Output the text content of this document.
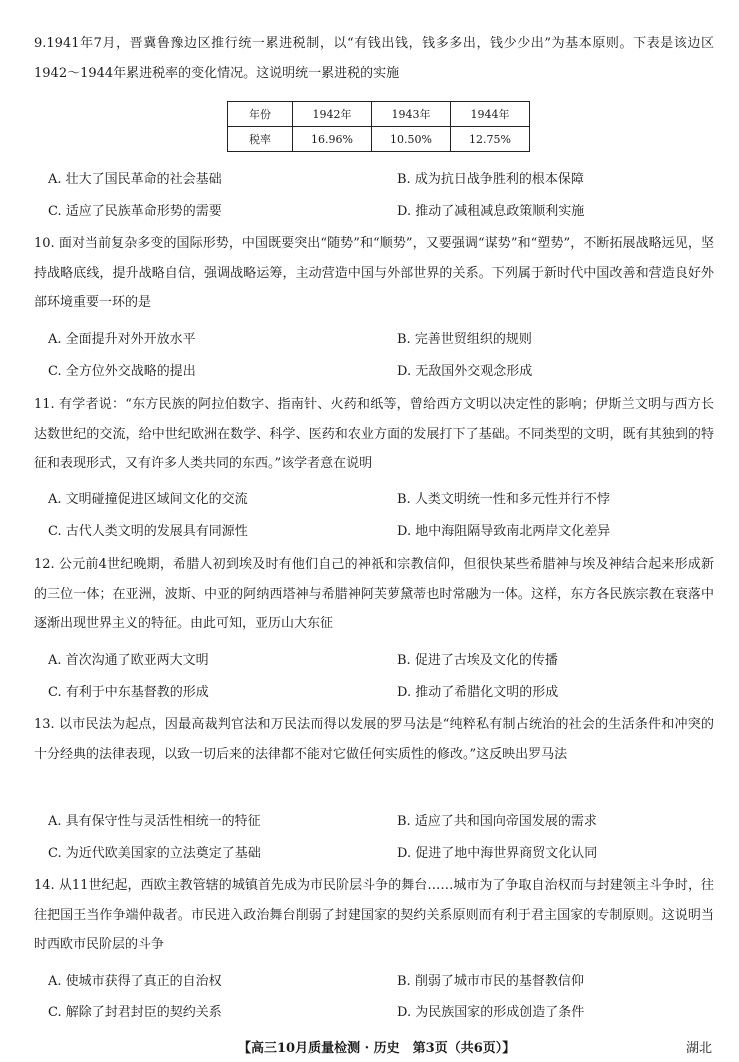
9.1941年7月，晋冀鲁豫边区推行统一累进税制，以“有钱出钱，钱多多出，钱少少出”为基本原则。下表是该边区1942～1944年累进税率的变化情况。这说明统一累进税的实施
年份	1942年	1943年	1944年
税率	16.96%	10.50%	12.75%
A. 壮大了国民革命的社会基础	B. 成为抗日战争胜利的根本保障
C. 适应了民族革命形势的需要	D. 推动了减租减息政策顺利实施
10. 面对当前复杂多变的国际形势，中国既要突出“随势”和“顺势”，又要强调“谋势”和“塑势”，不断拓展战略远见，坚持战略底线，提升战略自信，强调战略运筹，主动营造中国与外部世界的关系。下列属于新时代中国改善和营造良好外部环境重要一环的是
A. 全面提升对外开放水平	B. 完善世贸组织的规则
C. 全方位外交战略的提出	D. 无敌国外交观念形成
11. 有学者说：“东方民族的阿拉伯数字、指南针、火药和纸等，曾给西方文明以决定性的影响；伊斯兰文明与西方长达数世纪的交流，给中世纪欧洲在数学、科学、医药和农业方面的发展打下了基础。不同类型的文明，既有其独到的特征和表现形式，又有许多人类共同的东西。”该学者意在说明
A. 文明碰撞促进区域间文化的交流	B. 人类文明统一性和多元性并行不悖
C. 古代人类文明的发展具有同源性	D. 地中海阻隔导致南北两岸文化差异
12. 公元前4世纪晚期，希腊人初到埃及时有他们自己的神祇和宗教信仰，但很快某些希腊神与埃及神结合起来形成新的三位一体；在亚洲，波斯、中亚的阿纳西塔神与希腊神阿芙萝黛蒂也时常融为一体。这样，东方各民族宗教在衰落中逐渐出现世界主义的特征。由此可知，亚历山大东征
A. 首次沟通了欧亚两大文明	B. 促进了古埃及文化的传播
C. 有利于中东基督教的形成	D. 推动了希腊化文明的形成
13. 以市民法为起点，因最高裁判官法和万民法而得以发展的罗马法是“纯粹私有制占统治的社会的生活条件和冲突的十分经典的法律表现，以致一切后来的法律都不能对它做任何实质性的修改。”这反映出罗马法
A. 具有保守性与灵活性相统一的特征	B. 适应了共和国向帝国发展的需求
C. 为近代欧美国家的立法奠定了基础	D. 促进了地中海世界商贸文化认同
14. 从11世纪起，西欧主教管辖的城镇首先成为市民阶层斗争的舞台……城市为了争取自治权而与封建领主斗争时，往往把国王当作争端仲裁者。市民进入政治舞台削弱了封建国家的契约关系原则而有利于君主国家的专制原则。这说明当时西欧市民阶层的斗争
A. 使城市获得了真正的自治权	B. 削弱了城市市民的基督教信仰
C. 解除了封君封臣的契约关系	D. 为民族国家的形成创造了条件
【高三10月质量检测 · 历史　第3页（共6页）】	湖北
